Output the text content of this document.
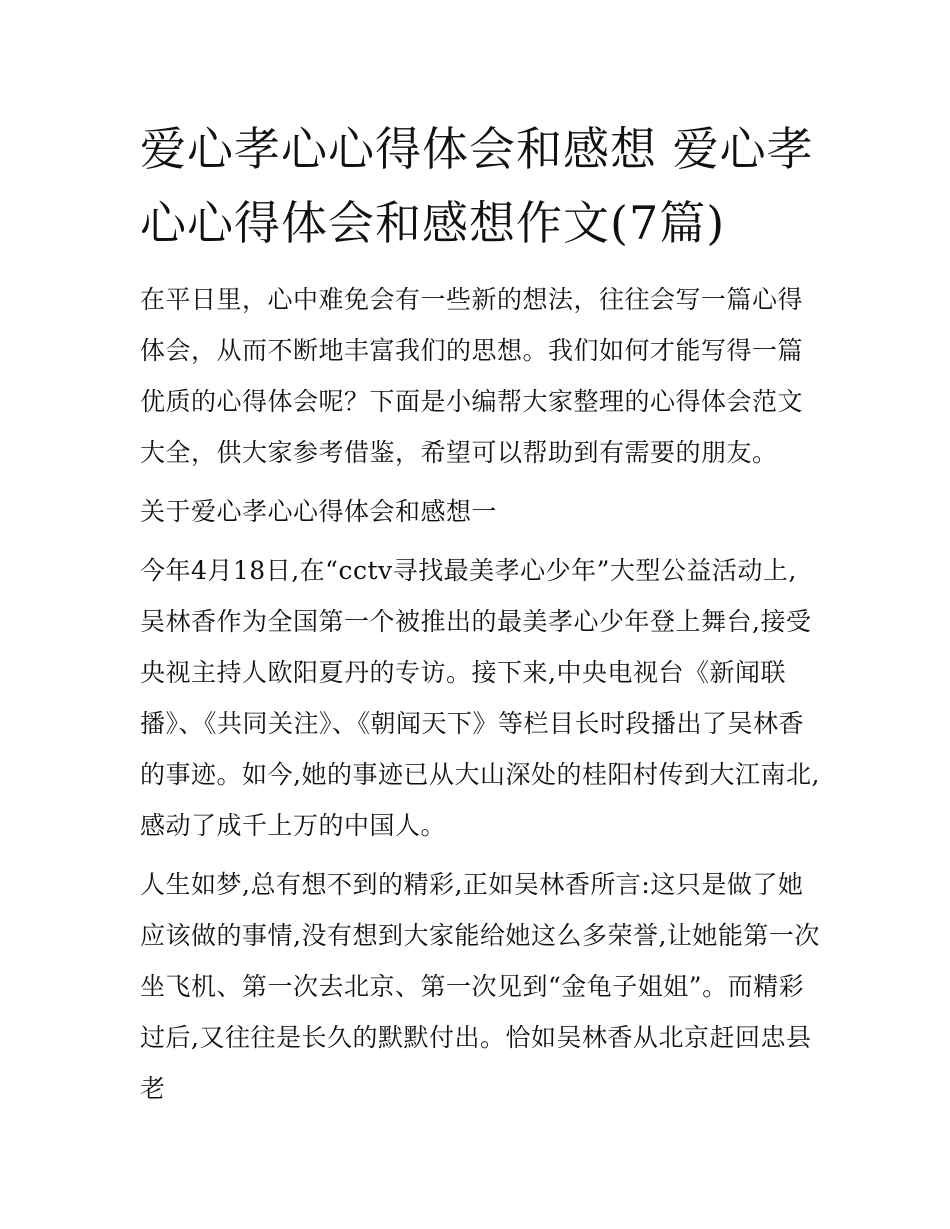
爱心孝心心得体会和感想 爱心孝心心得体会和感想作文(7篇)

在平日里，心中难免会有一些新的想法，往往会写一篇心得体会，从而不断地丰富我们的思想。我们如何才能写得一篇优质的心得体会呢？下面是小编帮大家整理的心得体会范文大全，供大家参考借鉴，希望可以帮助到有需要的朋友。

关于爱心孝心心得体会和感想一

今年4月18日,在“cctv寻找最美孝心少年”大型公益活动上,吴林香作为全国第一个被推出的最美孝心少年登上舞台,接受央视主持人欧阳夏丹的专访。接下来,中央电视台《新闻联播》、《共同关注》、《朝闻天下》等栏目长时段播出了吴林香的事迹。如今,她的事迹已从大山深处的桂阳村传到大江南北,感动了成千上万的中国人。

人生如梦,总有想不到的精彩,正如吴林香所言:这只是做了她应该做的事情,没有想到大家能给她这么多荣誉,让她能第一次坐飞机、第一次去北京、第一次见到“金龟子姐姐”。而精彩过后,又往往是长久的默默付出。恰如吴林香从北京赶回忠县老
